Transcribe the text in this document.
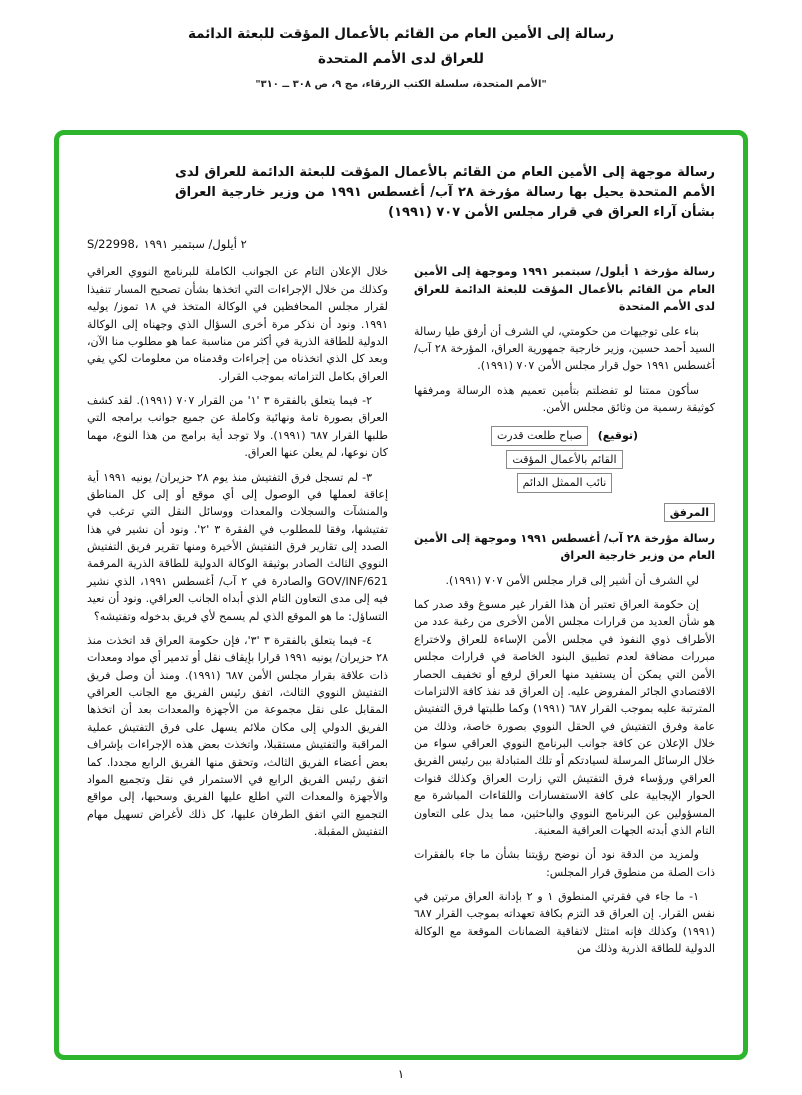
رسالة إلى الأمين العام من القائم بالأعمال المؤقت للبعثة الدائمة
للعراق لدى الأمم المتحدة
"الأمم المتحدة، سلسلة الكتب الزرقاء، مج ٩، ص ٣٠٨ ــ ٣١٠"
رسالة موجهة إلى الأمين العام من القائم بالأعمال المؤقت للبعثة الدائمة للعراق لدى الأمم المتحدة يحيل بها رسالة مؤرخة ٢٨ آب/ أغسطس ١٩٩١ من وزير خارجية العراق بشأن آراء العراق في قرار مجلس الأمن ٧٠٧ (١٩٩١)
S/22998، ٢ أيلول/ سبتمبر ١٩٩١

رسالة مؤرخة ١ أيلول/ سبتمبر ١٩٩١ وموجهة إلى الأمين العام من القائم بالأعمال المؤقت للبعثة الدائمة للعراق لدى الأمم المتحدة

بناء على توجيهات من حكومتي، لي الشرف أن أرفق طيا رسالة السيد أحمد حسين، وزير خارجية جمهورية العراق، المؤرخة ٢٨ آب/ أغسطس ١٩٩١ حول قرار مجلس الأمن ٧٠٧ (١٩٩١).

سأكون ممتنا لو تفضلتم بتأمين تعميم هذه الرسالة ومرفقها كوثيقة رسمية من وثائق مجلس الأمن.

(توقيع) صباح طلعت قدرت

القائم بالأعمال المؤقت

نائب الممثل الدائم

المرفق

رسالة مؤرخة ٢٨ آب/ أغسطس ١٩٩١ وموجهة إلى الأمين العام من وزير خارجية العراق

لي الشرف أن أشير إلى قرار مجلس الأمن ٧٠٧ (١٩٩١).

إن حكومة العراق تعتبر أن هذا القرار غير مسوغ وقد صدر كما هو شأن العديد من قرارات مجلس الأمن الأخرى من رغبة عدد من الأطراف ذوي النفوذ في مجلس الأمن الإساءة للعراق ولاختراع مبررات مضافة لعدم تطبيق البنود الخاصة في قرارات مجلس الأمن التي يمكن أن يستفيد منها العراق لرفع أو تخفيف الحصار الاقتصادي الجائر المفروض عليه. إن العراق قد نفذ كافة الالتزامات المترتبة عليه بموجب القرار ٦٨٧ (١٩٩١) وكما طلبتها فرق التفتيش عامة وفرق التفتيش في الحقل النووي بصورة خاصة، وذلك من خلال الإعلان عن كافة جوانب البرنامج النووي العراقي سواء من خلال الرسائل المرسلة لسيادتكم أو تلك المتبادلة بين رئيس الفريق العراقي ورؤساء فرق التفتيش التي زارت العراق وكذلك قنوات الحوار الإيجابية على كافة الاستفسارات واللقاءات المباشرة مع المسؤولين عن البرنامج النووي والباحثين، مما يدل على التعاون التام الذي أبدته الجهات العراقية المعنية.

ولمزيد من الدقة نود أن نوضح رؤيتنا بشأن ما جاء بالفقرات ذات الصلة من منطوق قرار المجلس:

١- ما جاء في فقرتي المنطوق ١ و ٢ بإدانة العراق مرتين في نفس القرار. إن العراق قد التزم بكافة تعهداته بموجب القرار ٦٨٧ (١٩٩١) وكذلك فإنه امتثل لاتفاقية الضمانات الموقعة مع الوكالة الدولية للطاقة الذرية وذلك من

خلال الإعلان التام عن الجوانب الكاملة للبرنامج النووي العراقي وكذلك من خلال الإجراءات التي اتخذها بشأن تصحيح المسار تنفيذا لقرار مجلس المحافظين في الوكالة المتخذ في ١٨ تموز/ يوليه ١٩٩١. ونود أن نذكر مرة أخرى السؤال الذي وجهناه إلى الوكالة الدولية للطاقة الذرية في أكثر من مناسبة عما هو مطلوب منا الآن، وبعد كل الذي اتخذناه من إجراءات وقدمناه من معلومات لكي يفي العراق بكامل التزاماته بموجب القرار.

٢- فيما يتعلق بالفقرة ٣ '١' من القرار ٧٠٧ (١٩٩١). لقد كشف العراق بصورة تامة ونهائية وكاملة عن جميع جوانب برامجه التي طلبها القرار ٦٨٧ (١٩٩١). ولا توجد أية برامج من هذا النوع، مهما كان نوعها، لم يعلن عنها العراق.

٣- لم تسجل فرق التفتيش منذ يوم ٢٨ حزيران/ يونيه ١٩٩١ أية إعاقة لعملها في الوصول إلى أي موقع أو إلى كل المناطق والمنشآت والسجلات والمعدات ووسائل النقل التي ترغب في تفتيشها، وفقا للمطلوب في الفقرة ٣ '٢'. ونود أن نشير في هذا الصدد إلى تقارير فرق التفتيش الأخيرة ومنها تقرير فريق التفتيش النووي الثالث الصادر بوثيقة الوكالة الدولية للطاقة الذرية المرقمة GOV/INF/621 والصادرة في ٢ آب/ أغسطس ١٩٩١، الذي نشير فيه إلى مدى التعاون التام الذي أبداه الجانب العراقي. ونود أن نعيد التساؤل: ما هو الموقع الذي لم يسمح لأي فريق بدخوله وتفتيشه؟

٤- فيما يتعلق بالفقرة ٣ '٣'، فإن حكومة العراق قد اتخذت منذ ٢٨ حزيران/ يونيه ١٩٩١ قرارا بإيقاف نقل أو تدمير أي مواد ومعدات ذات علاقة بقرار مجلس الأمن ٦٨٧ (١٩٩١). ومنذ أن وصل فريق التفتيش النووي الثالث، اتفق رئيس الفريق مع الجانب العراقي المقابل على نقل مجموعة من الأجهزة والمعدات بعد أن اتخذها الفريق الدولي إلى مكان ملائم يسهل على فرق التفتيش عملية المراقبة والتفتيش مستقبلا، واتخذت بعض هذه الإجراءات بإشراف بعض أعضاء الفريق الثالث، وتحقق منها الفريق الرابع مجددا. كما اتفق رئيس الفريق الرابع في الاستمرار في نقل وتجميع المواد والأجهزة والمعدات التي اطلع عليها الفريق وسحبها، إلى مواقع التجميع التي اتفق الطرفان عليها، كل ذلك لأغراض تسهيل مهام التفتيش المقبلة.

١
